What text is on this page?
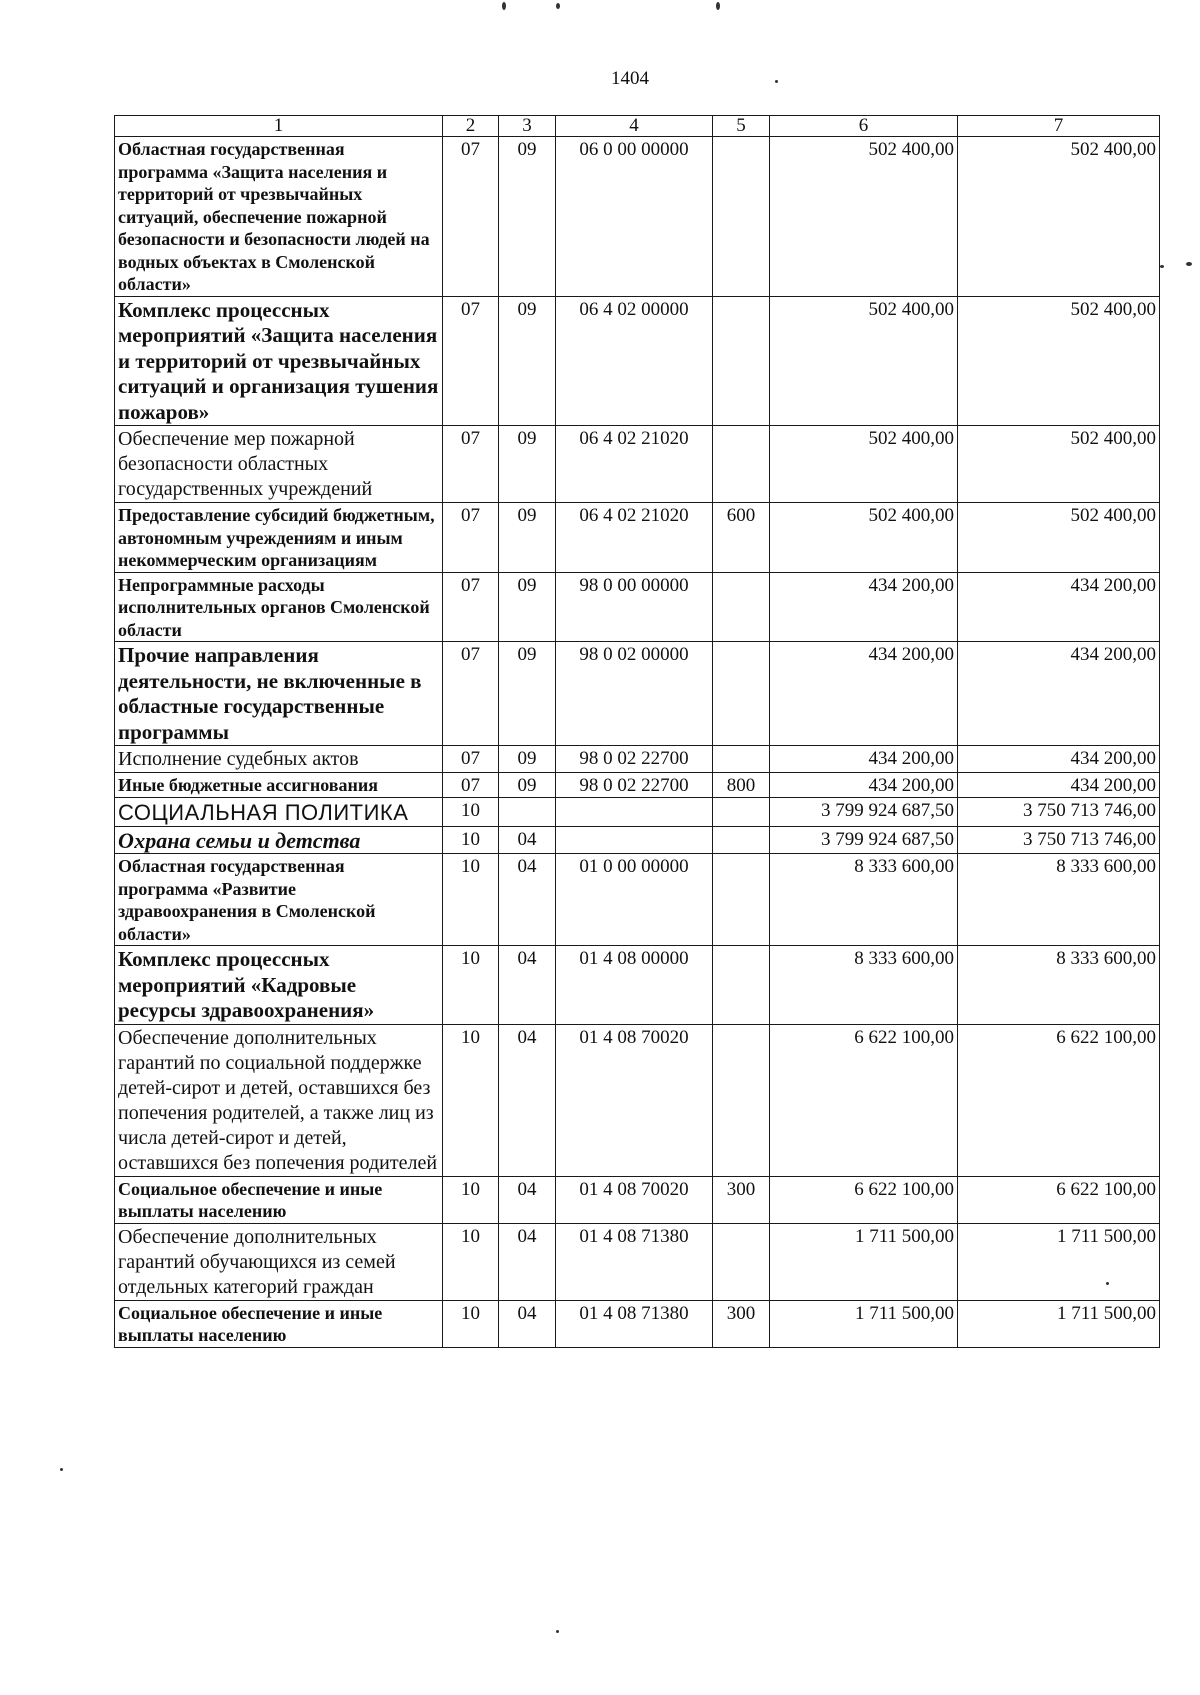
1404
1	2	3	4	5	6	7
Областная государственная программа «Защита населения и территорий от чрезвычайных ситуаций, обеспечение пожарной безопасности и безопасности людей на водных объектах в Смоленской области»	07	09	06 0 00 00000		502 400,00	502 400,00
Комплекс процессных мероприятий «Защита населения и территорий от чрезвычайных ситуаций и организация тушения пожаров»	07	09	06 4 02 00000		502 400,00	502 400,00
Обеспечение мер пожарной безопасности областных государственных учреждений	07	09	06 4 02 21020		502 400,00	502 400,00
Предоставление субсидий бюджетным, автономным учреждениям и иным некоммерческим организациям	07	09	06 4 02 21020	600	502 400,00	502 400,00
Непрограммные расходы исполнительных органов Смоленской области	07	09	98 0 00 00000		434 200,00	434 200,00
Прочие направления деятельности, не включенные в областные государственные программы	07	09	98 0 02 00000		434 200,00	434 200,00
Исполнение судебных актов	07	09	98 0 02 22700		434 200,00	434 200,00
Иные бюджетные ассигнования	07	09	98 0 02 22700	800	434 200,00	434 200,00
СОЦИАЛЬНАЯ ПОЛИТИКА	10				3 799 924 687,50	3 750 713 746,00
Охрана семьи и детства	10	04			3 799 924 687,50	3 750 713 746,00
Областная государственная программа «Развитие здравоохранения в Смоленской области»	10	04	01 0 00 00000		8 333 600,00	8 333 600,00
Комплекс процессных мероприятий «Кадровые ресурсы здравоохранения»	10	04	01 4 08 00000		8 333 600,00	8 333 600,00
Обеспечение дополнительных гарантий по социальной поддержке детей-сирот и детей, оставшихся без попечения родителей, а также лиц из числа детей-сирот и детей, оставшихся без попечения родителей	10	04	01 4 08 70020		6 622 100,00	6 622 100,00
Социальное обеспечение и иные выплаты населению	10	04	01 4 08 70020	300	6 622 100,00	6 622 100,00
Обеспечение дополнительных гарантий обучающихся из семей отдельных категорий граждан	10	04	01 4 08 71380		1 711 500,00	1 711 500,00
Социальное обеспечение и иные выплаты населению	10	04	01 4 08 71380	300	1 711 500,00	1 711 500,00
